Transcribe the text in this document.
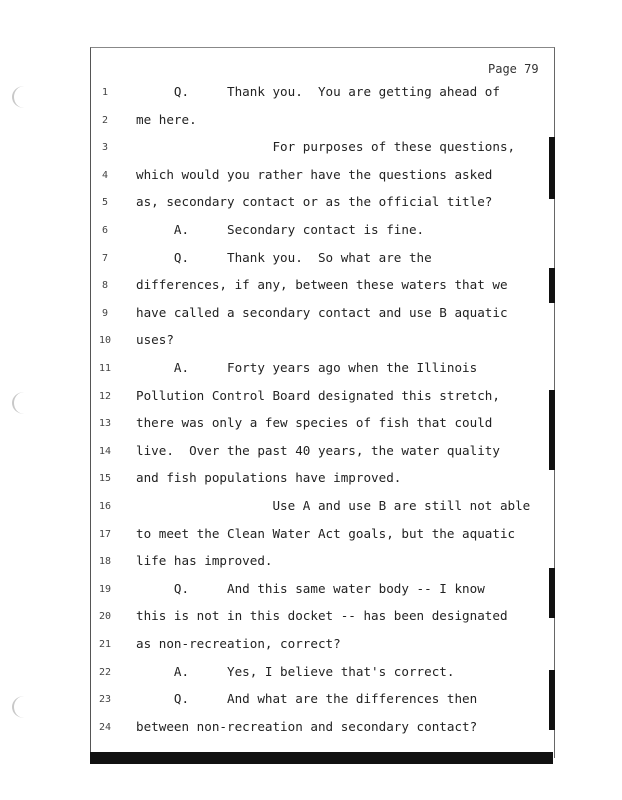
Page 79
1	Q.     Thank you.  You are getting ahead of
2	me here.
3	For purposes of these questions,
4	which would you rather have the questions asked
5	as, secondary contact or as the official title?
6	A.     Secondary contact is fine.
7	Q.     Thank you.  So what are the
8	differences, if any, between these waters that we
9	have called a secondary contact and use B aquatic
10	uses?
11	A.     Forty years ago when the Illinois
12	Pollution Control Board designated this stretch,
13	there was only a few species of fish that could
14	live.  Over the past 40 years, the water quality
15	and fish populations have improved.
16	Use A and use B are still not able
17	to meet the Clean Water Act goals, but the aquatic
18	life has improved.
19	Q.     And this same water body -- I know
20	this is not in this docket -- has been designated
21	as non-recreation, correct?
22	A.     Yes, I believe that's correct.
23	Q.     And what are the differences then
24	between non-recreation and secondary contact?
